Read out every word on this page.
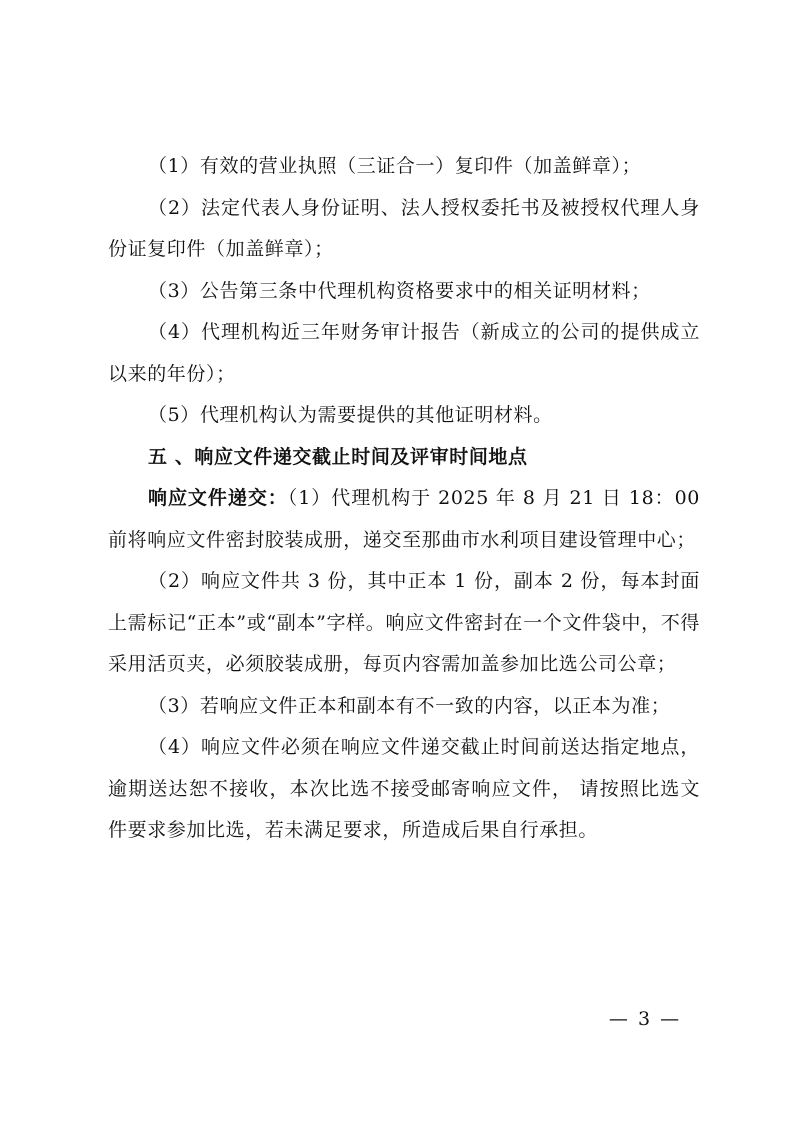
（1）有效的营业执照（三证合一）复印件（加盖鲜章）；

（2）法定代表人身份证明、法人授权委托书及被授权代理人身份证复印件（加盖鲜章）；

（3）公告第三条中代理机构资格要求中的相关证明材料；

（4）代理机构近三年财务审计报告（新成立的公司的提供成立以来的年份）；

（5）代理机构认为需要提供的其他证明材料。

五 、响应文件递交截止时间及评审时间地点

响应文件递交：（1）代理机构于 2025 年 8 月 21 日 18：00 前将响应文件密封胶装成册，递交至那曲市水利项目建设管理中心；

（2）响应文件共 3 份，其中正本 1 份，副本 2 份，每本封面上需标记“正本”或“副本”字样。响应文件密封在一个文件袋中，不得采用活页夹，必须胶装成册，每页内容需加盖参加比选公司公章；

（3）若响应文件正本和副本有不一致的内容，以正本为准；

（4）响应文件必须在响应文件递交截止时间前送达指定地点，逾期送达恕不接收，本次比选不接受邮寄响应文件， 请按照比选文件要求参加比选，若未满足要求，所造成后果自行承担。

— 3 —
